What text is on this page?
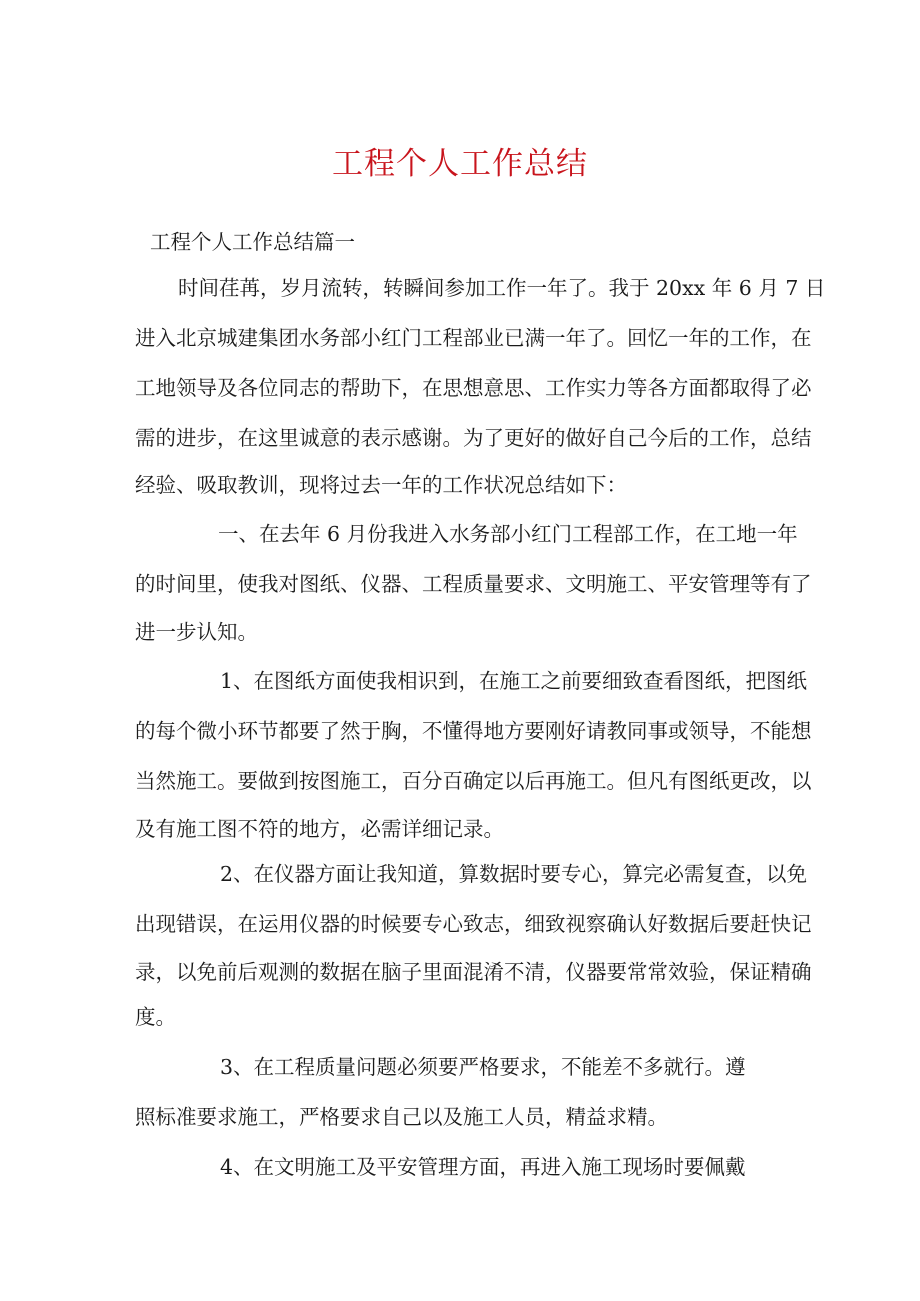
工程个人工作总结

工程个人工作总结篇一

时间荏苒，岁月流转，转瞬间参加工作一年了。我于 20xx 年 6 月 7 日

进入北京城建集团水务部小红门工程部业已满一年了。回忆一年的工作，在

工地领导及各位同志的帮助下，在思想意思、工作实力等各方面都取得了必

需的进步，在这里诚意的表示感谢。为了更好的做好自己今后的工作，总结

经验、吸取教训，现将过去一年的工作状况总结如下：

一、在去年 6 月份我进入水务部小红门工程部工作，在工地一年

的时间里，使我对图纸、仪器、工程质量要求、文明施工、平安管理等有了

进一步认知。

1、在图纸方面使我相识到，在施工之前要细致查看图纸，把图纸

的每个微小环节都要了然于胸，不懂得地方要刚好请教同事或领导，不能想

当然施工。要做到按图施工，百分百确定以后再施工。但凡有图纸更改，以

及有施工图不符的地方，必需详细记录。

2、在仪器方面让我知道，算数据时要专心，算完必需复查，以免

出现错误，在运用仪器的时候要专心致志，细致视察确认好数据后要赶快记

录，以免前后观测的数据在脑子里面混淆不清，仪器要常常效验，保证精确

度。

3、在工程质量问题必须要严格要求，不能差不多就行。遵

照标准要求施工，严格要求自己以及施工人员，精益求精。

4、在文明施工及平安管理方面，再进入施工现场时要佩戴
